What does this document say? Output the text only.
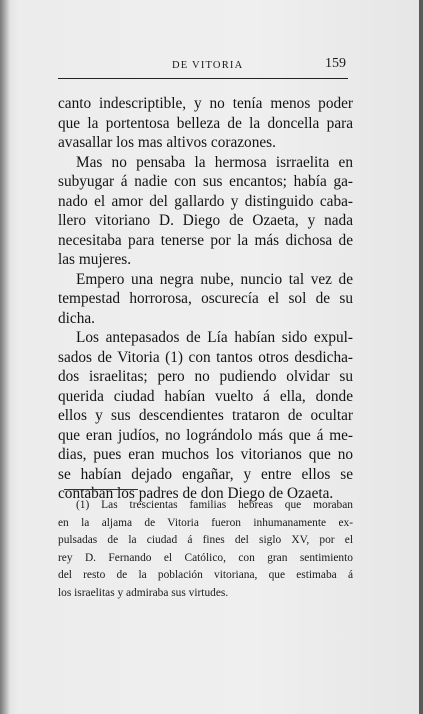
DE VITORIA	159

canto indescriptible, y no tenía menos poder

que la portentosa belleza de la doncella para

avasallar los mas altivos corazones.

Mas no pensaba la hermosa isrraelita en

subyugar á nadie con sus encantos; había ga-

nado el amor del gallardo y distinguido caba-

llero vitoriano D. Diego de Ozaeta, y nada

necesitaba para tenerse por la más dichosa de

las mujeres.

Empero una negra nube, nuncio tal vez de

tempestad horrorosa, oscurecía el sol de su

dicha.

Los antepasados de Lía habían sido expul-

sados de Vitoria (1) con tantos otros desdicha-

dos israelitas; pero no pudiendo olvidar su

querida ciudad habían vuelto á ella, donde

ellos y sus descendientes trataron de ocultar

que eran judíos, no lográndolo más que á me-

dias, pues eran muchos los vitorianos que no

se habían dejado engañar, y entre ellos se

contaban los padres de don Diego de Ozaeta.

(1) Las trescientas familias hebreas que moraban

en la aljama de Vitoria fueron inhumanamente ex-

pulsadas de la ciudad á fines del siglo XV, por el

rey D. Fernando el Católico, con gran sentimiento

del resto de la población vitoriana, que estimaba á

los israelitas y admiraba sus virtudes.
